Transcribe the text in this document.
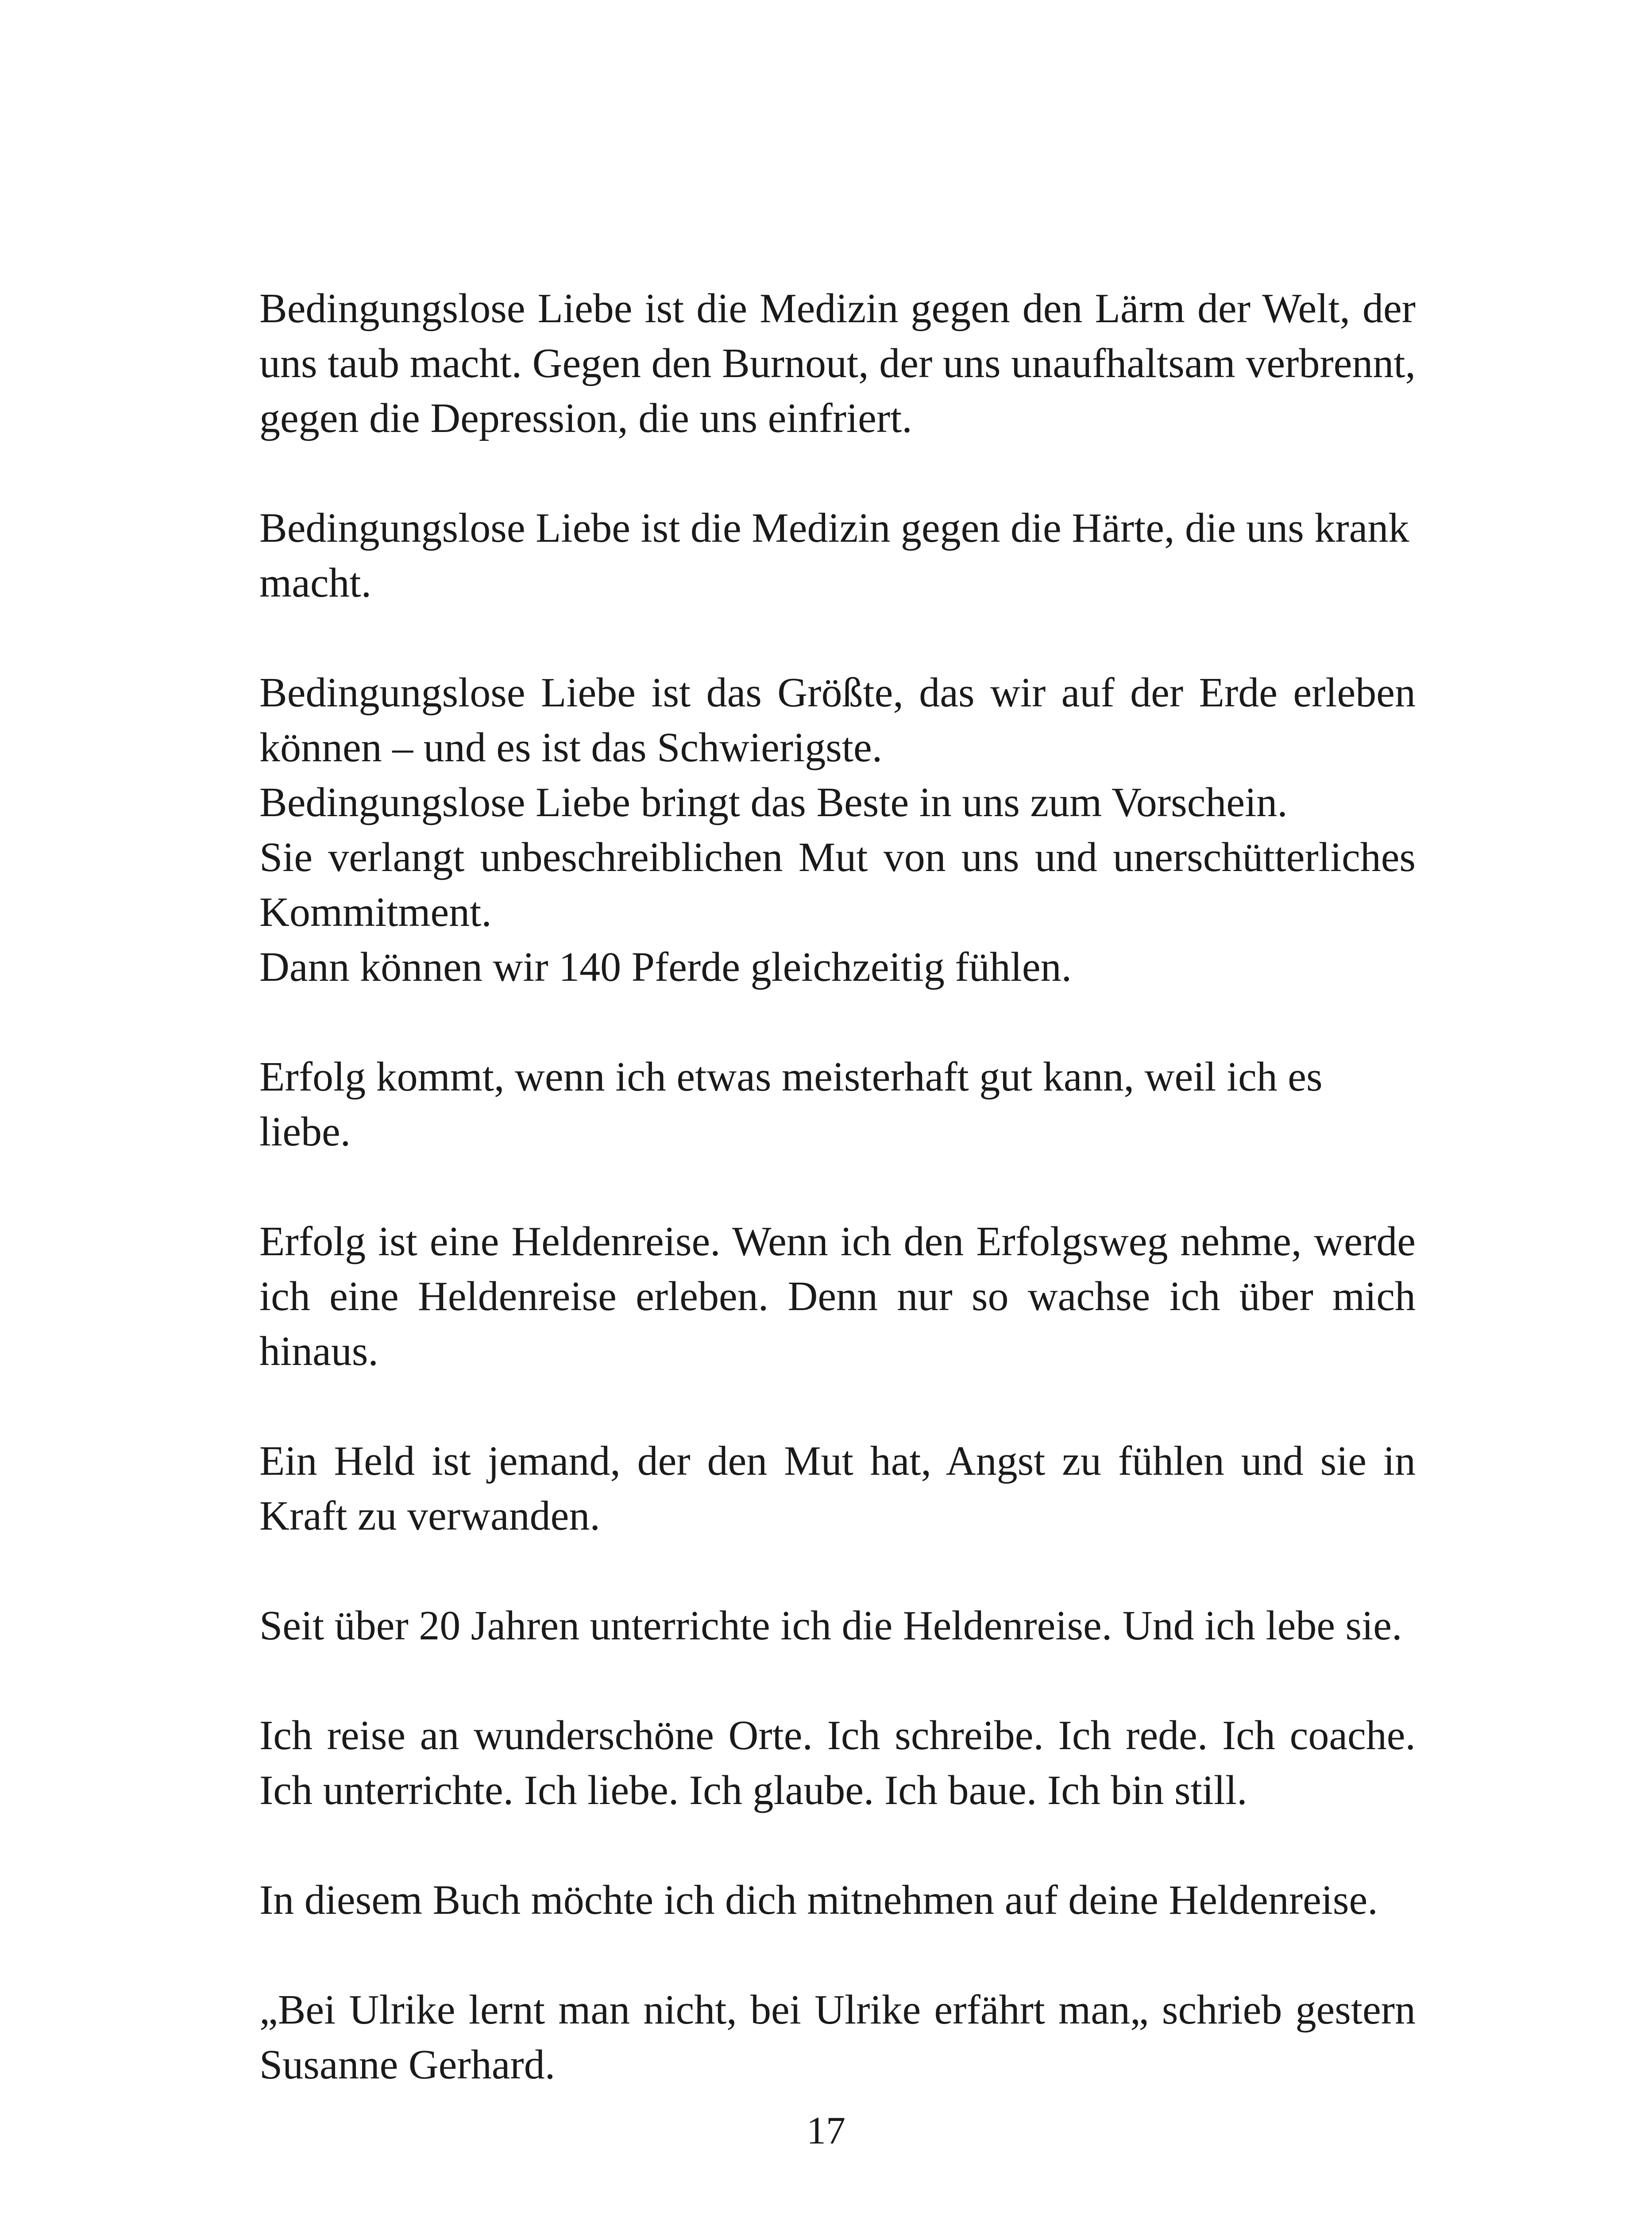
Bedingungslose Liebe ist die Medizin gegen den Lärm der Welt, der uns taub macht. Gegen den Burnout, der uns unaufhaltsam verbrennt, gegen die Depression, die uns einfriert.

Bedingungslose Liebe ist die Medizin gegen die Härte, die uns krank macht.

Bedingungslose Liebe ist das Größte, das wir auf der Erde erleben können – und es ist das Schwierigste.

Bedingungslose Liebe bringt das Beste in uns zum Vorschein.

Sie verlangt unbeschreiblichen Mut von uns und unerschütterliches Kommitment.

Dann können wir 140 Pferde gleichzeitig fühlen.

Erfolg kommt, wenn ich etwas meisterhaft gut kann, weil ich es liebe.

Erfolg ist eine Heldenreise. Wenn ich den Erfolgsweg nehme, werde ich eine Heldenreise erleben. Denn nur so wachse ich über mich hinaus.

Ein Held ist jemand, der den Mut hat, Angst zu fühlen und sie in Kraft zu verwanden.

Seit über 20 Jahren unterrichte ich die Heldenreise. Und ich lebe sie.

Ich reise an wunderschöne Orte. Ich schreibe. Ich rede. Ich coache. Ich unterrichte. Ich liebe. Ich glaube. Ich baue. Ich bin still.

In diesem Buch möchte ich dich mitnehmen auf deine Heldenreise.

„Bei Ulrike lernt man nicht, bei Ulrike erfährt man„ schrieb gestern Susanne Gerhard.

17
